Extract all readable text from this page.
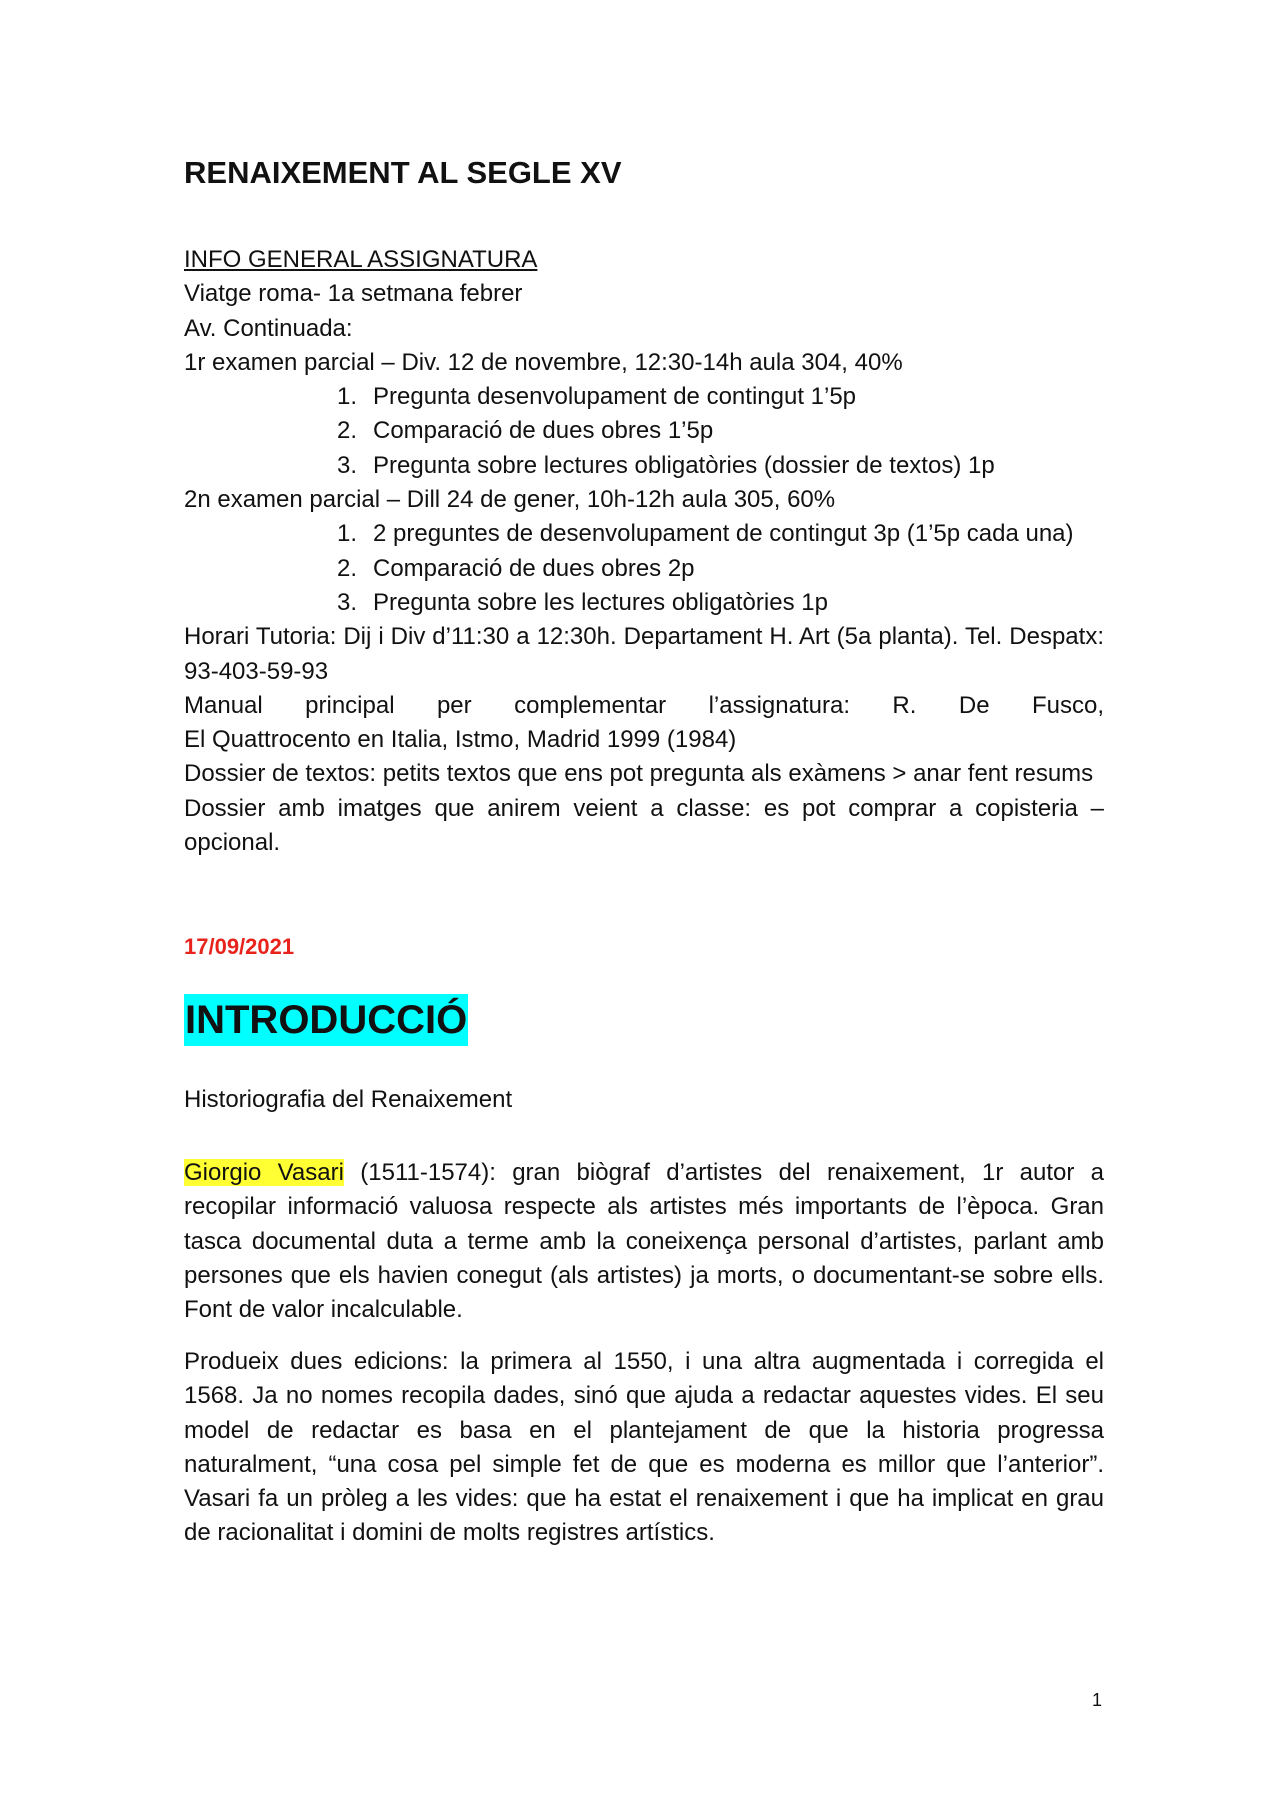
RENAIXEMENT AL SEGLE XV

INFO GENERAL ASSIGNATURA

Viatge roma- 1a setmana febrer

Av. Continuada:

1r examen parcial – Div. 12 de novembre, 12:30-14h aula 304, 40%

1. Pregunta desenvolupament de contingut 1’5p
2. Comparació de dues obres 1’5p
3. Pregunta sobre lectures obligatòries (dossier de textos) 1p

2n examen parcial – Dill 24 de gener, 10h-12h aula 305, 60%

1. 2 preguntes de desenvolupament de contingut 3p (1’5p cada una)
2. Comparació de dues obres 2p
3. Pregunta sobre les lectures obligatòries 1p

Horari Tutoria: Dij i Div d’11:30 a 12:30h. Departament H. Art (5a planta). Tel. Despatx: 93-403-59-93

Manual principal per complementar l’assignatura: R. De Fusco,

El Quattrocento en Italia, Istmo, Madrid 1999 (1984)

Dossier de textos: petits textos que ens pot pregunta als exàmens > anar fent resums

Dossier amb imatges que anirem veient a classe: es pot comprar a copisteria – opcional.

17/09/2021

INTRODUCCIÓ

Historiografia del Renaixement

Giorgio Vasari (1511-1574): gran biògraf d’artistes del renaixement, 1r autor a recopilar informació valuosa respecte als artistes més importants de l’època. Gran tasca documental duta a terme amb la coneixença personal d’artistes, parlant amb persones que els havien conegut (als artistes) ja morts, o documentant-se sobre ells. Font de valor incalculable.

Produeix dues edicions: la primera al 1550, i una altra augmentada i corregida el 1568. Ja no nomes recopila dades, sinó que ajuda a redactar aquestes vides. El seu model de redactar es basa en el plantejament de que la historia progressa naturalment, “una cosa pel simple fet de que es moderna es millor que l’anterior”. Vasari fa un pròleg a les vides: que ha estat el renaixement i que ha implicat en grau de racionalitat i domini de molts registres artístics.

1
